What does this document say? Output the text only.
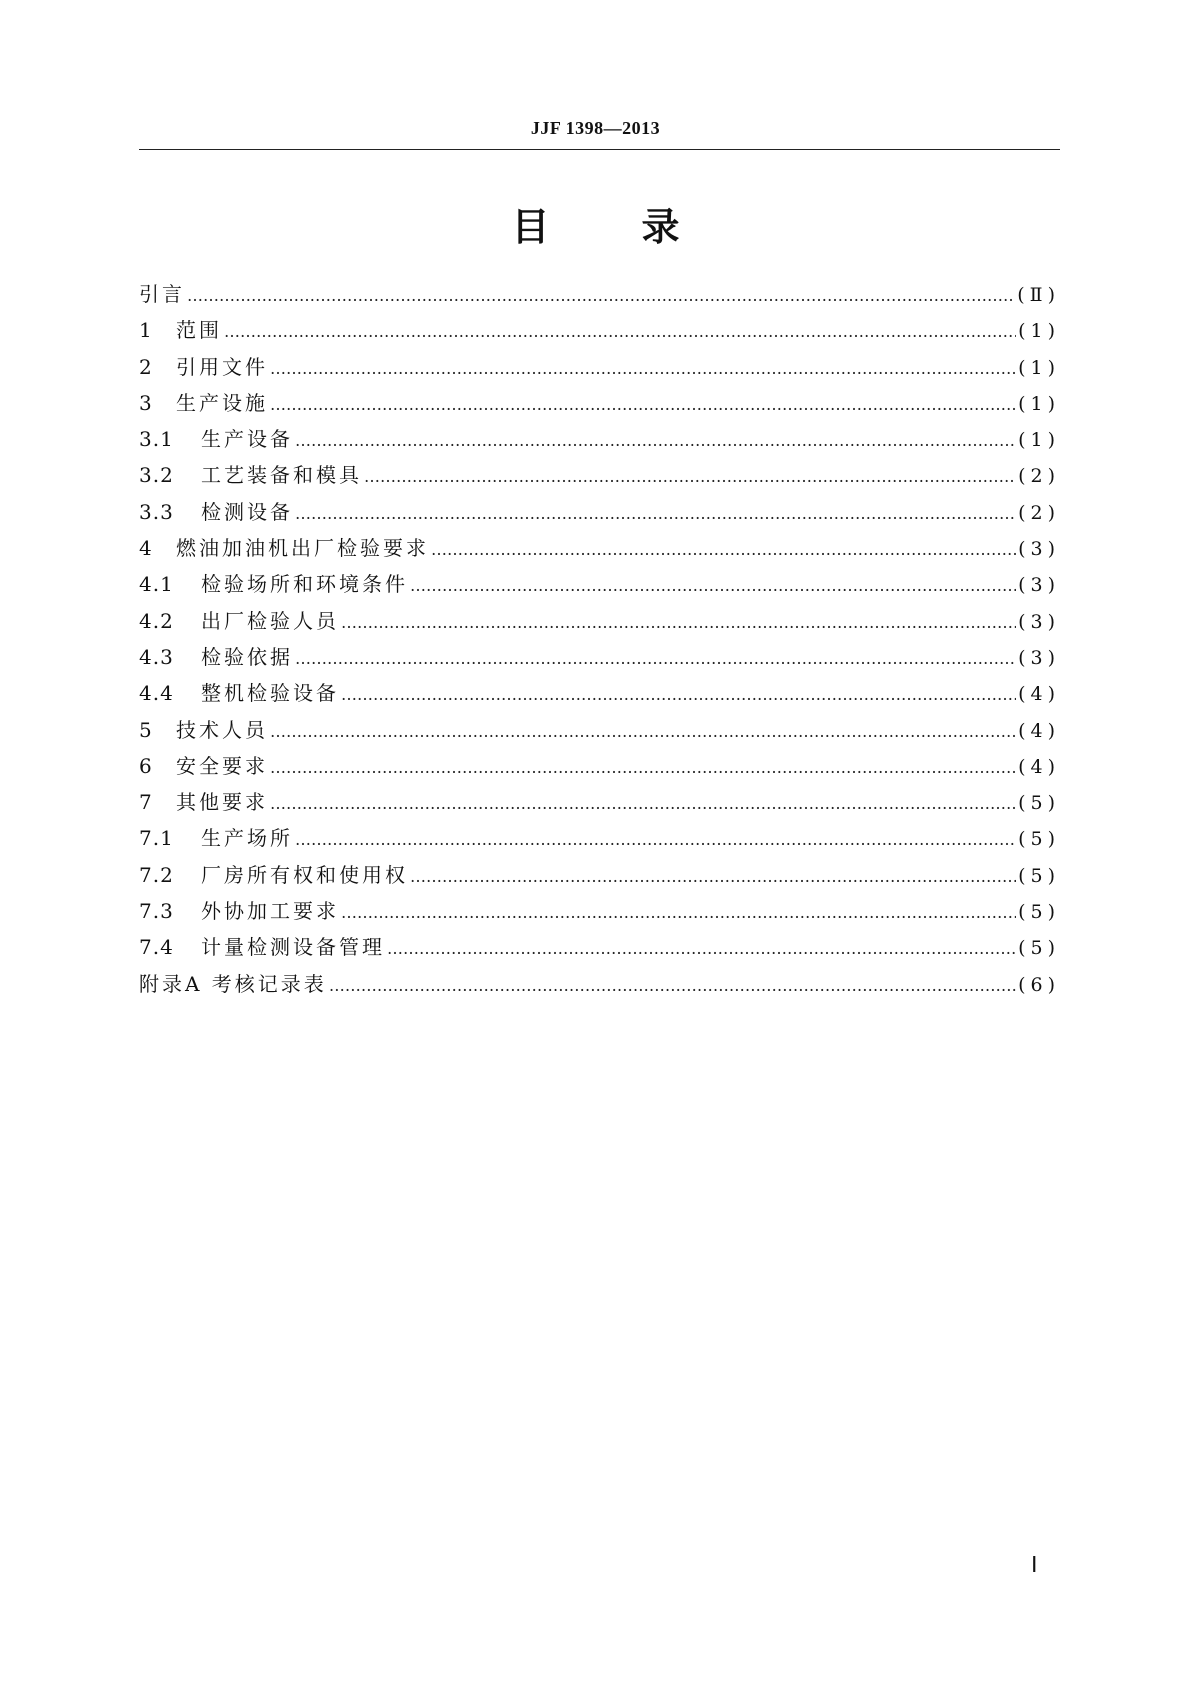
JJF 1398—2013
目 录
引言 ……………………………………………………………………………………………………………………………………………………………………………………………………	(Ⅱ)
1	范围 ……………………………………………………………………………………………………………………………………………………………………………………………………	(1)
2	引用文件 ……………………………………………………………………………………………………………………………………………………………………………………………………	(1)
3	生产设施 ……………………………………………………………………………………………………………………………………………………………………………………………………	(1)
3.1	生产设备 ……………………………………………………………………………………………………………………………………………………………………………………………………	(1)
3.2	工艺装备和模具 ……………………………………………………………………………………………………………………………………………………………………………………………………	(2)
3.3	检测设备 ……………………………………………………………………………………………………………………………………………………………………………………………………	(2)
4	燃油加油机出厂检验要求 ……………………………………………………………………………………………………………………………………………………………………………………………………	(3)
4.1	检验场所和环境条件 ……………………………………………………………………………………………………………………………………………………………………………………………………	(3)
4.2	出厂检验人员 ……………………………………………………………………………………………………………………………………………………………………………………………………	(3)
4.3	检验依据 ……………………………………………………………………………………………………………………………………………………………………………………………………	(3)
4.4	整机检验设备 ……………………………………………………………………………………………………………………………………………………………………………………………………	(4)
5	技术人员 ……………………………………………………………………………………………………………………………………………………………………………………………………	(4)
6	安全要求 ……………………………………………………………………………………………………………………………………………………………………………………………………	(4)
7	其他要求 ……………………………………………………………………………………………………………………………………………………………………………………………………	(5)
7.1	生产场所 ……………………………………………………………………………………………………………………………………………………………………………………………………	(5)
7.2	厂房所有权和使用权 ……………………………………………………………………………………………………………………………………………………………………………………………………	(5)
7.3	外协加工要求 ……………………………………………………………………………………………………………………………………………………………………………………………………	(5)
7.4	计量检测设备管理 ……………………………………………………………………………………………………………………………………………………………………………………………………	(5)
附录A 考核记录表 ……………………………………………………………………………………………………………………………………………………………………………………………………	(6)
Ⅰ
